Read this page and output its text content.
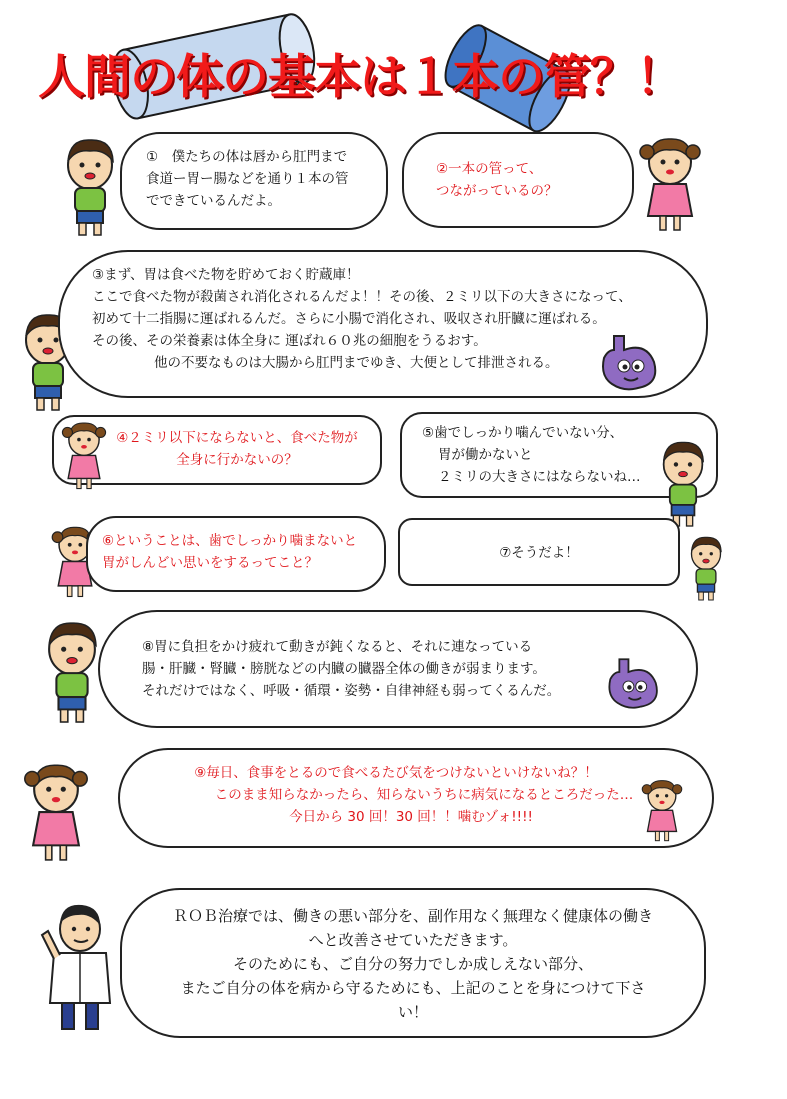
人間の体の基本は１本の管？！
①　僕たちの体は唇から肛門まで
食道ー胃ー腸などを通り１本の管
でできているんだよ。
②一本の管って、
つながっているの？
③まず、胃は食べた物を貯めておく貯蔵庫！
ここで食べた物が殺菌され消化されるんだよ！！その後、２ミリ以下の大きさになって、
初めて十二指腸に運ばれるんだ。さらに小腸で消化され、吸収され肝臓に運ばれる。
その後、その栄養素は体全身に 運ばれ６０兆の細胞をうるおす。
他の不要なものは大腸から肛門までゆき、大便として排泄される。
④２ミリ以下にならないと、食べた物が
全身に行かないの？
⑤歯でしっかり噛んでいない分、
胃が働かないと
２ミリの大きさにはならないね…
⑥ということは、歯でしっかり噛まないと
胃がしんどい思いをするってこと？
⑦そうだよ！
⑧胃に負担をかけ疲れて動きが鈍くなると、それに連なっている
腸・肝臓・腎臓・膀胱などの内臓の臓器全体の働きが弱まります。
それだけではなく、呼吸・循環・姿勢・自律神経も弱ってくるんだ。
⑨毎日、食事をとるので食べるたび気をつけないといけないね？！
このまま知らなかったら、知らないうちに病気になるところだった…
今日から 30 回！30 回！！噛むゾォ!!!!
ＲＯＢ治療では、働きの悪い部分を、副作用なく無理なく健康体の働き
へと改善させていただきます。
そのためにも、ご自分の努力でしか成しえない部分、
またご自分の体を病から守るためにも、上記のことを身につけて下さ
い！
